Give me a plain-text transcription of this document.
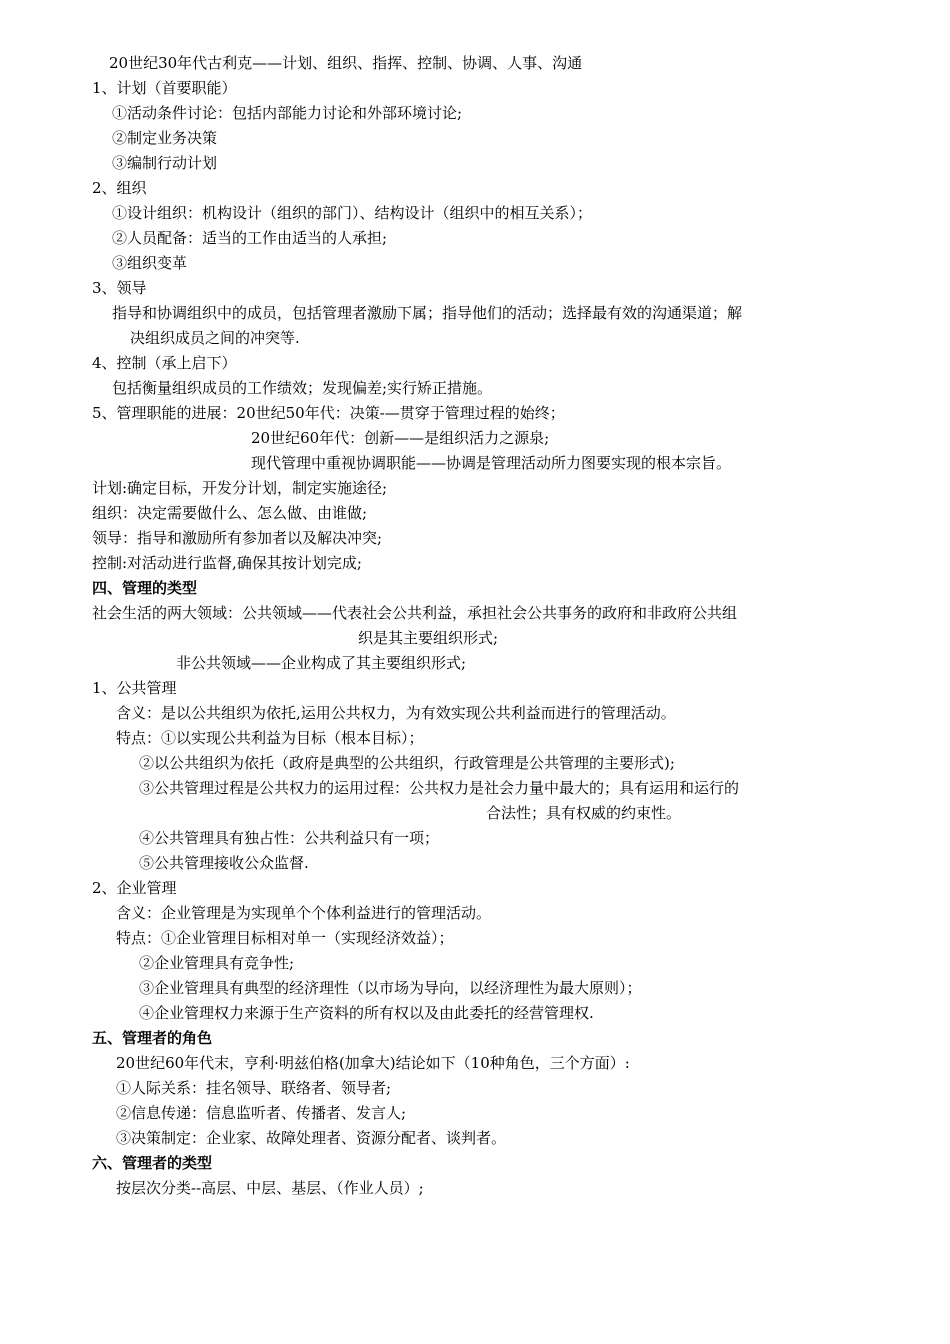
20世纪30年代古利克——计划、组织、指挥、控制、协调、人事、沟通
1、计划（首要职能）
①活动条件讨论：包括内部能力讨论和外部环境讨论;
②制定业务决策
③编制行动计划
2、组织
①设计组织：机构设计（组织的部门）、结构设计（组织中的相互关系）；
②人员配备：适当的工作由适当的人承担;
③组织变革
3、领导
指导和协调组织中的成员，包括管理者激励下属；指导他们的活动；选择最有效的沟通渠道；解
决组织成员之间的冲突等.
4、控制（承上启下）
包括衡量组织成员的工作绩效；发现偏差;实行矫正措施。
5、管理职能的进展：20世纪50年代：决策-—贯穿于管理过程的始终；
20世纪60年代：创新——是组织活力之源泉;
现代管理中重视协调职能——协调是管理活动所力图要实现的根本宗旨。
计划:确定目标，开发分计划，制定实施途径;
组织：决定需要做什么、怎么做、由谁做;
领导：指导和激励所有参加者以及解决冲突;
控制:对活动进行监督,确保其按计划完成;
四、管理的类型
社会生活的两大领域：公共领域——代表社会公共利益，承担社会公共事务的政府和非政府公共组
织是其主要组织形式;
非公共领域——企业构成了其主要组织形式;
1、公共管理
含义：是以公共组织为依托,运用公共权力，为有效实现公共利益而进行的管理活动。
特点：①以实现公共利益为目标（根本目标）；
②以公共组织为依托（政府是典型的公共组织，行政管理是公共管理的主要形式);
③公共管理过程是公共权力的运用过程：公共权力是社会力量中最大的；具有运用和运行的
合法性；具有权威的约束性。
④公共管理具有独占性：公共利益只有一项；
⑤公共管理接收公众监督.
2、企业管理
含义：企业管理是为实现单个个体利益进行的管理活动。
特点：①企业管理目标相对单一（实现经济效益）；
②企业管理具有竞争性;
③企业管理具有典型的经济理性（以市场为导向，以经济理性为最大原则）；
④企业管理权力来源于生产资料的所有权以及由此委托的经营管理权.
五、管理者的角色
20世纪60年代末，亨利·明兹伯格(加拿大)结论如下（10种角色，三个方面）:
①人际关系：挂名领导、联络者、领导者;
②信息传递：信息监听者、传播者、发言人;
③决策制定：企业家、故障处理者、资源分配者、谈判者。
六、管理者的类型
按层次分类--高层、中层、基层、（作业人员）;
